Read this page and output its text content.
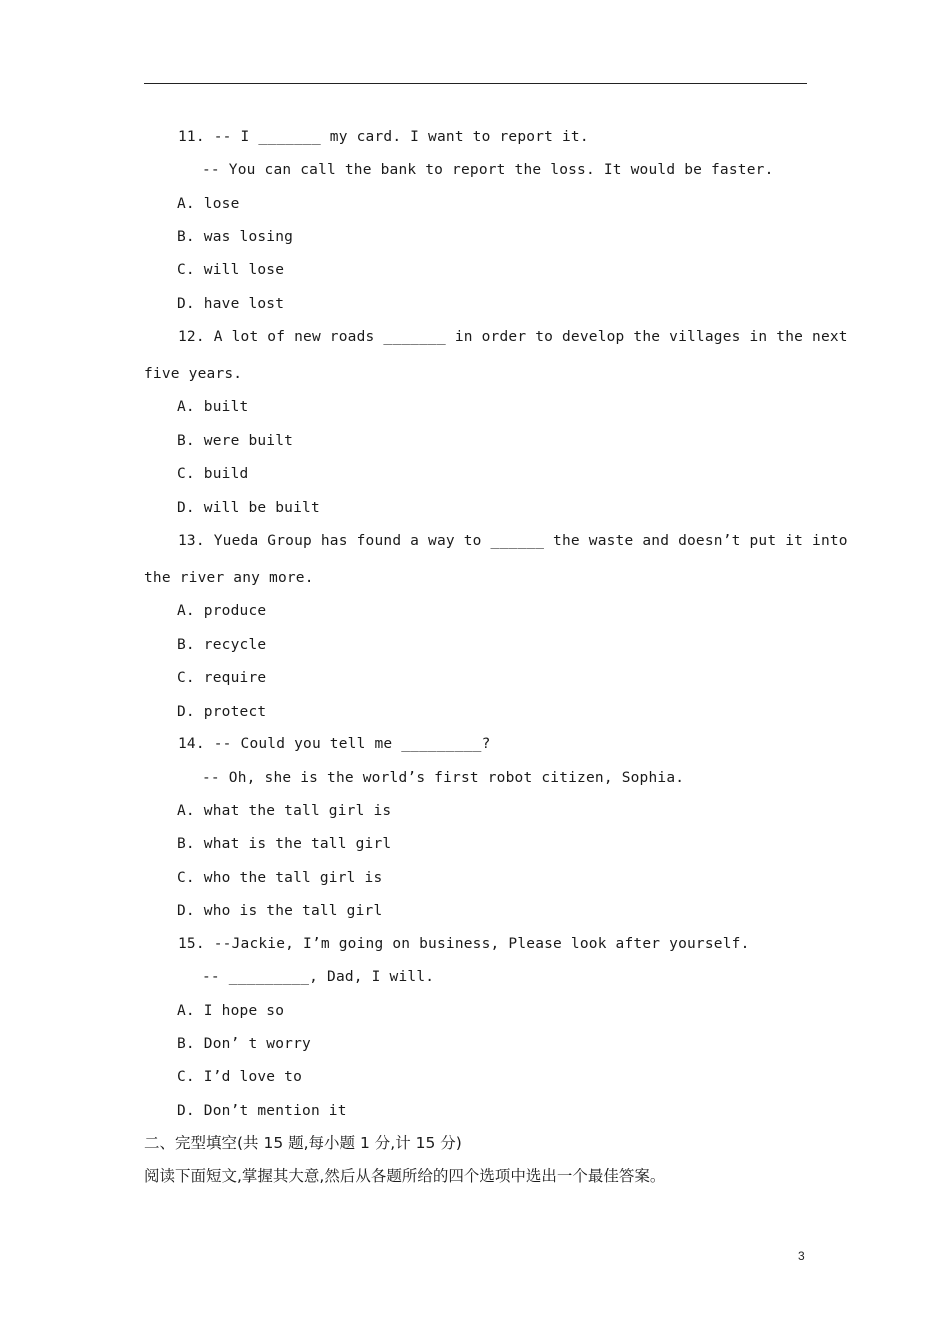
11. -- I _______ my card. I want to report it.
-- You can call the bank to report the loss. It would be faster.
A. lose
B. was losing
C. will lose
D. have lost
12. A lot of new roads _______ in order to develop the villages in the next
five years.
A. built
B. were built
C. build
D. will be built
13. Yueda Group has found a way to ______ the waste and doesn’t put it into
the river any more.
A. produce
B. recycle
C. require
D. protect
14. -- Could you tell me _________?
-- Oh, she is the world’s first robot citizen, Sophia.
A. what the tall girl is
B. what is the tall girl
C. who the tall girl is
D. who is the tall girl
15. --Jackie, I’m going on business, Please look after yourself.
-- _________, Dad, I will.
A. I hope so
B. Don’ t worry
C. I’d love to
D. Don’t mention it
二、完型填空(共 15 题,每小题 1 分,计 15 分)
阅读下面短文,掌握其大意,然后从各题所给的四个选项中选出一个最佳答案。
3
